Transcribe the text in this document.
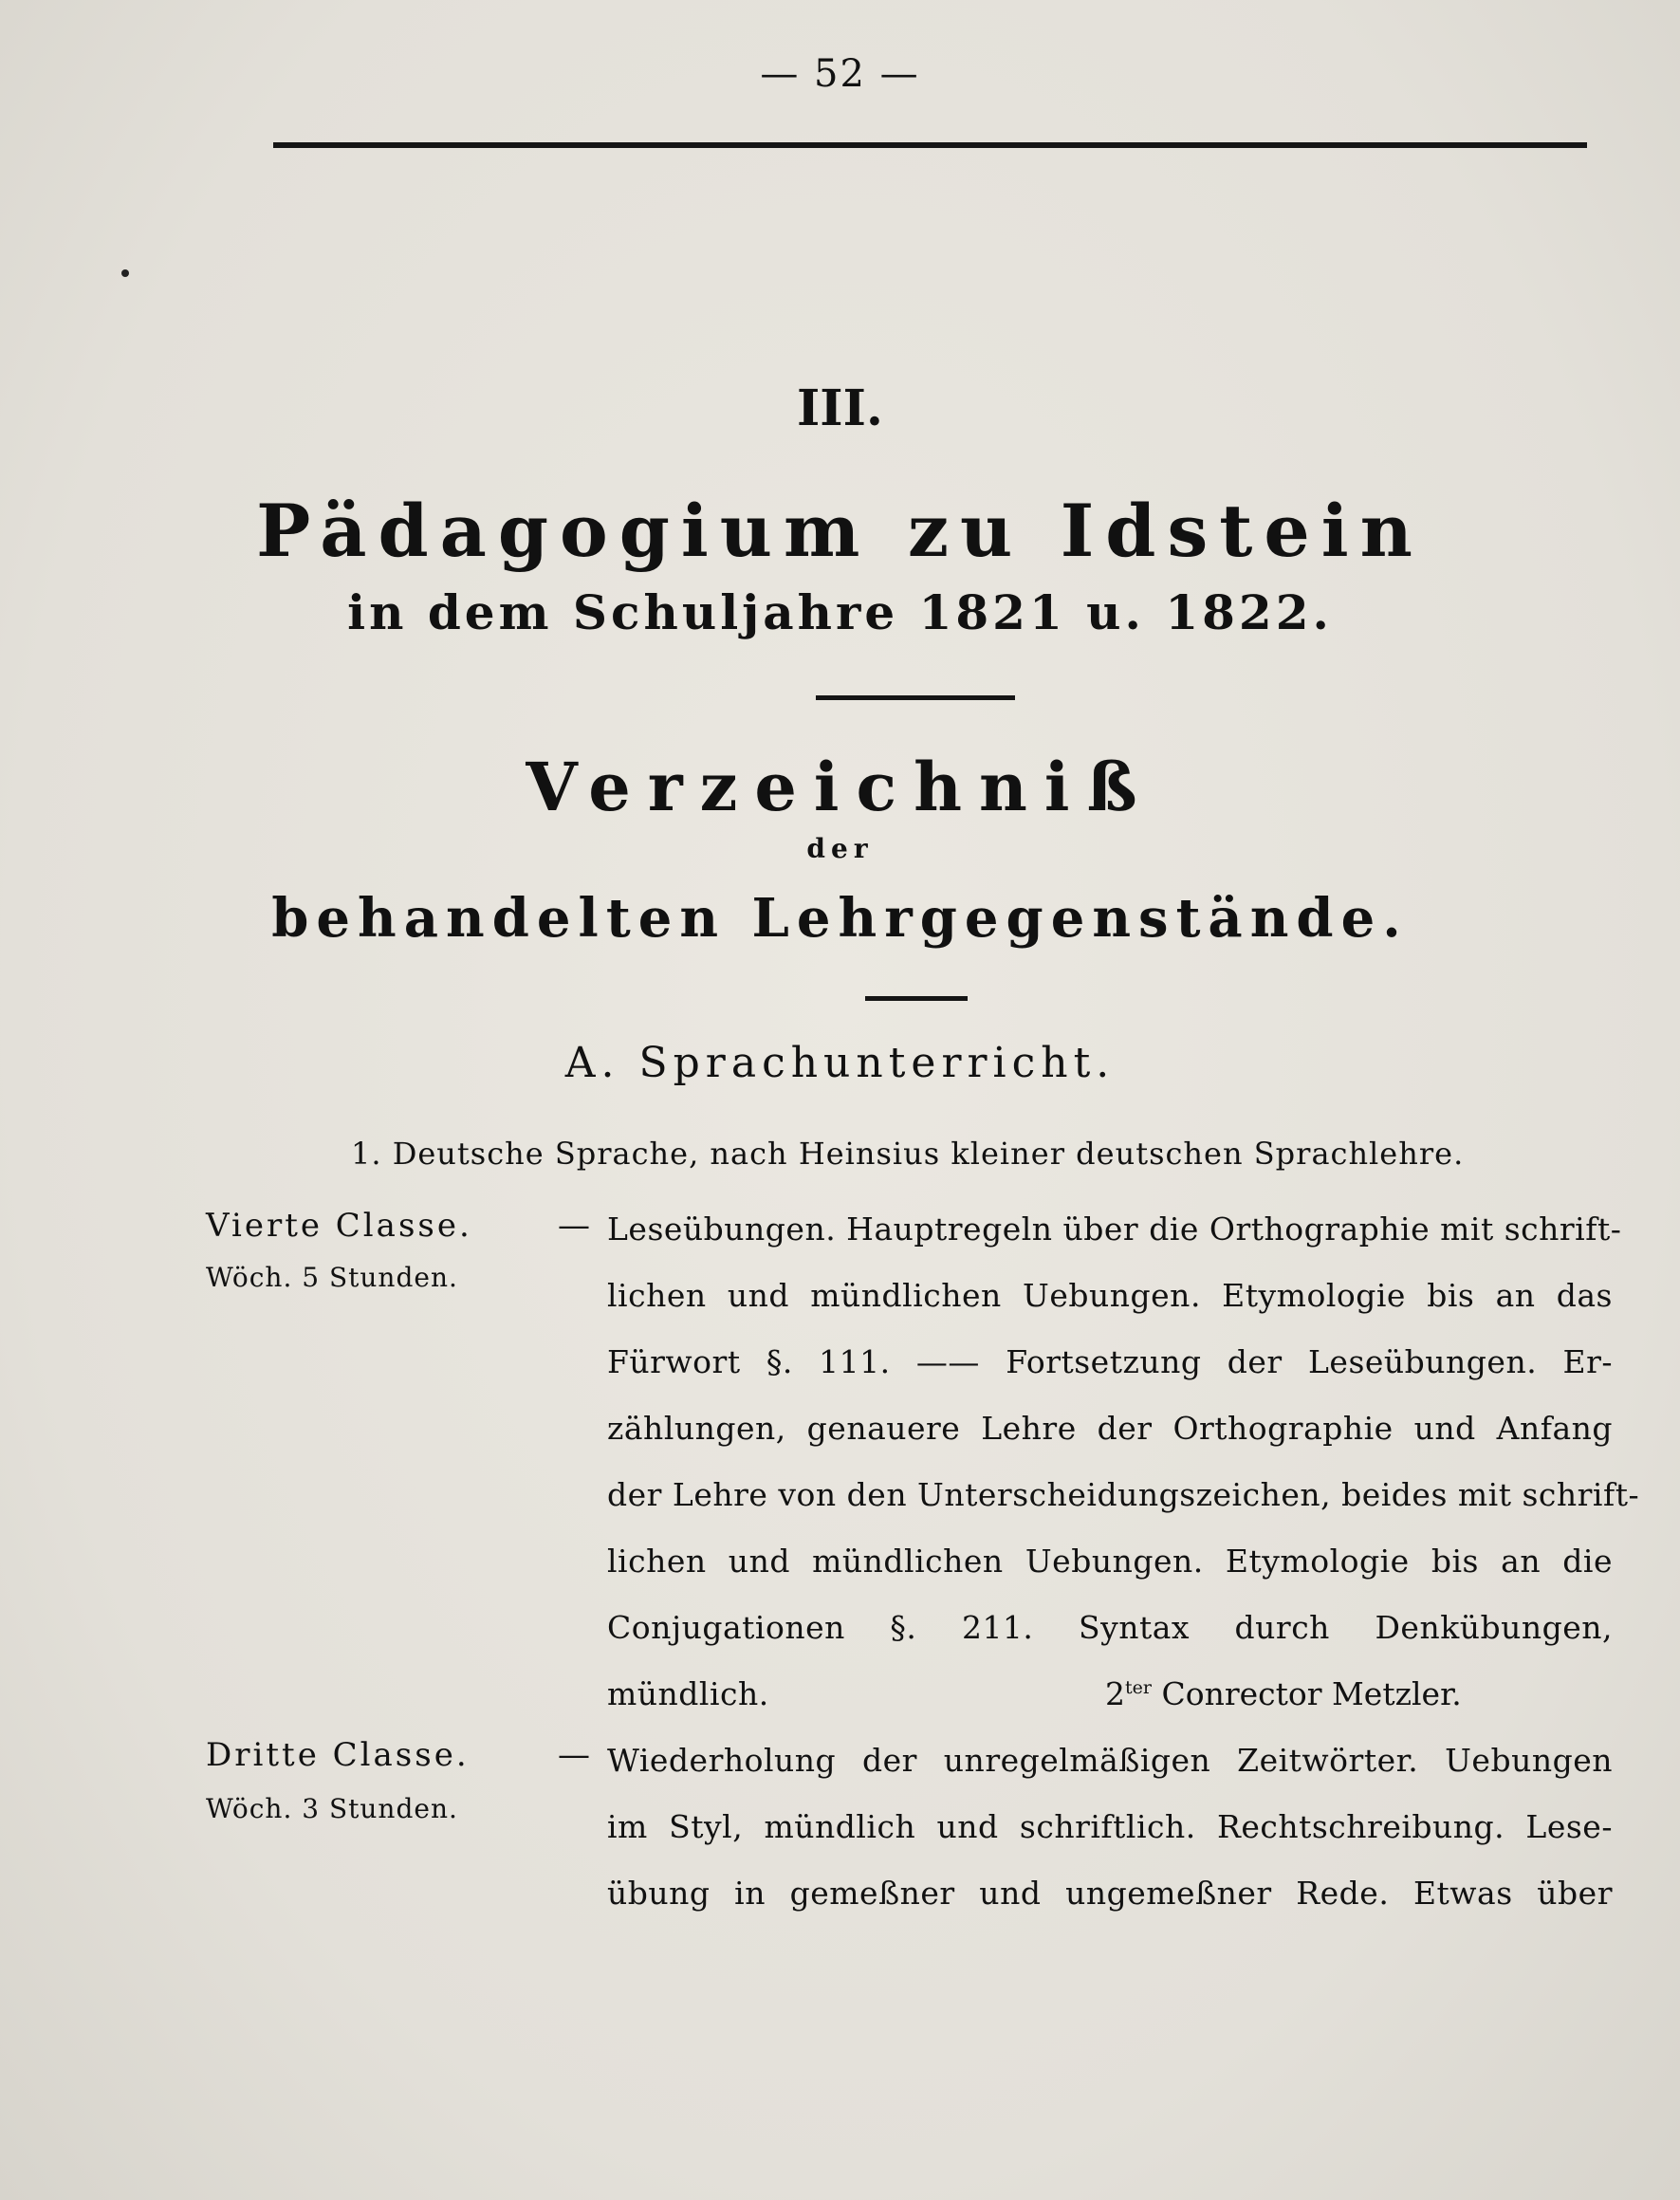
— 52 —
III.
Pädagogium zu Idstein
in dem Schuljahre 1821 u. 1822.
Verzeichniß
der
behandelten Lehrgegenstände.
A. Sprachunterricht.
1. Deutsche Sprache, nach Heinsius kleiner deutschen Sprachlehre.
Vierte Classe.
Wöch. 5 Stunden.
— Leseübungen. Hauptregeln über die Orthographie mit schrift-
lichen und mündlichen Uebungen. Etymologie bis an das
Fürwort §. 111. —— Fortsetzung der Leseübungen. Er-
zählungen, genauere Lehre der Orthographie und Anfang
der Lehre von den Unterscheidungszeichen, beides mit schrift-
lichen und mündlichen Uebungen. Etymologie bis an die
Conjugationen §. 211. Syntax durch Denkübungen,
mündlich.	$2^{ter}$ Conrector Metzler.
Dritte Classe.
Wöch. 3 Stunden.
— Wiederholung der unregelmäßigen Zeitwörter. Uebungen
im Styl, mündlich und schriftlich. Rechtschreibung. Lese-
übung in gemeßner und ungemeßner Rede. Etwas über
